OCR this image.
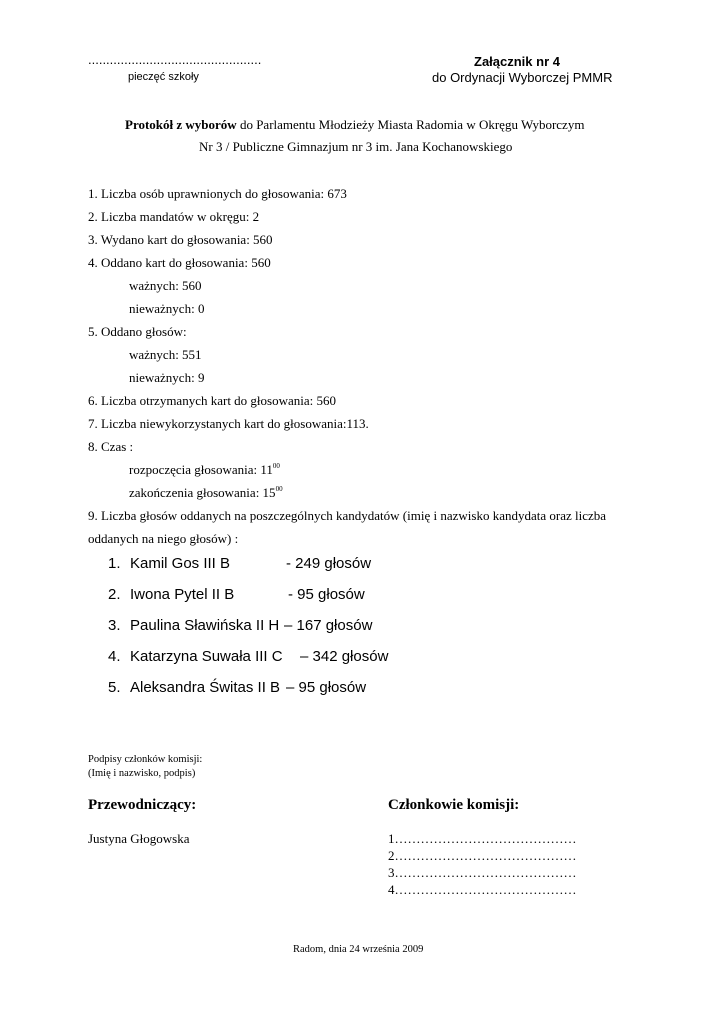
................................................
pieczęć szkoły
Załącznik nr 4
do Ordynacji Wyborczej PMMR
Protokół z wyborów do Parlamentu Młodzieży Miasta Radomia w Okręgu Wyborczym
Nr 3 / Publiczne Gimnazjum nr 3 im. Jana Kochanowskiego
1. Liczba osób uprawnionych do głosowania: 673
2. Liczba mandatów w okręgu: 2
3. Wydano kart do głosowania: 560
4. Oddano kart do głosowania: 560
ważnych: 560
nieważnych: 0
5. Oddano głosów:
ważnych: 551
nieważnych: 9
6. Liczba otrzymanych kart do głosowania: 560
7. Liczba niewykorzystanych kart do głosowania:113.
8. Czas :
rozpoczęcia głosowania: $11^{00}$
zakończenia głosowania: $15^{00}$
9. Liczba głosów oddanych na poszczególnych kandydatów (imię i nazwisko kandydata oraz liczba
oddanych na niego głosów) :
1. Kamil Gos III B	- 249 głosów
2. Iwona Pytel II B	- 95 głosów
3. Paulina Sławińska II H – 167 głosów
4. Katarzyna Suwała III C – 342 głosów
5. Aleksandra Świtas II B – 95 głosów
Podpisy członków komisji:
(Imię i nazwisko, podpis)
Przewodniczący:	Członkowie komisji:
Justyna Głogowska	1……………………………………
2……………………………………
3……………………………………
4……………………………………
Radom, dnia 24 września 2009
